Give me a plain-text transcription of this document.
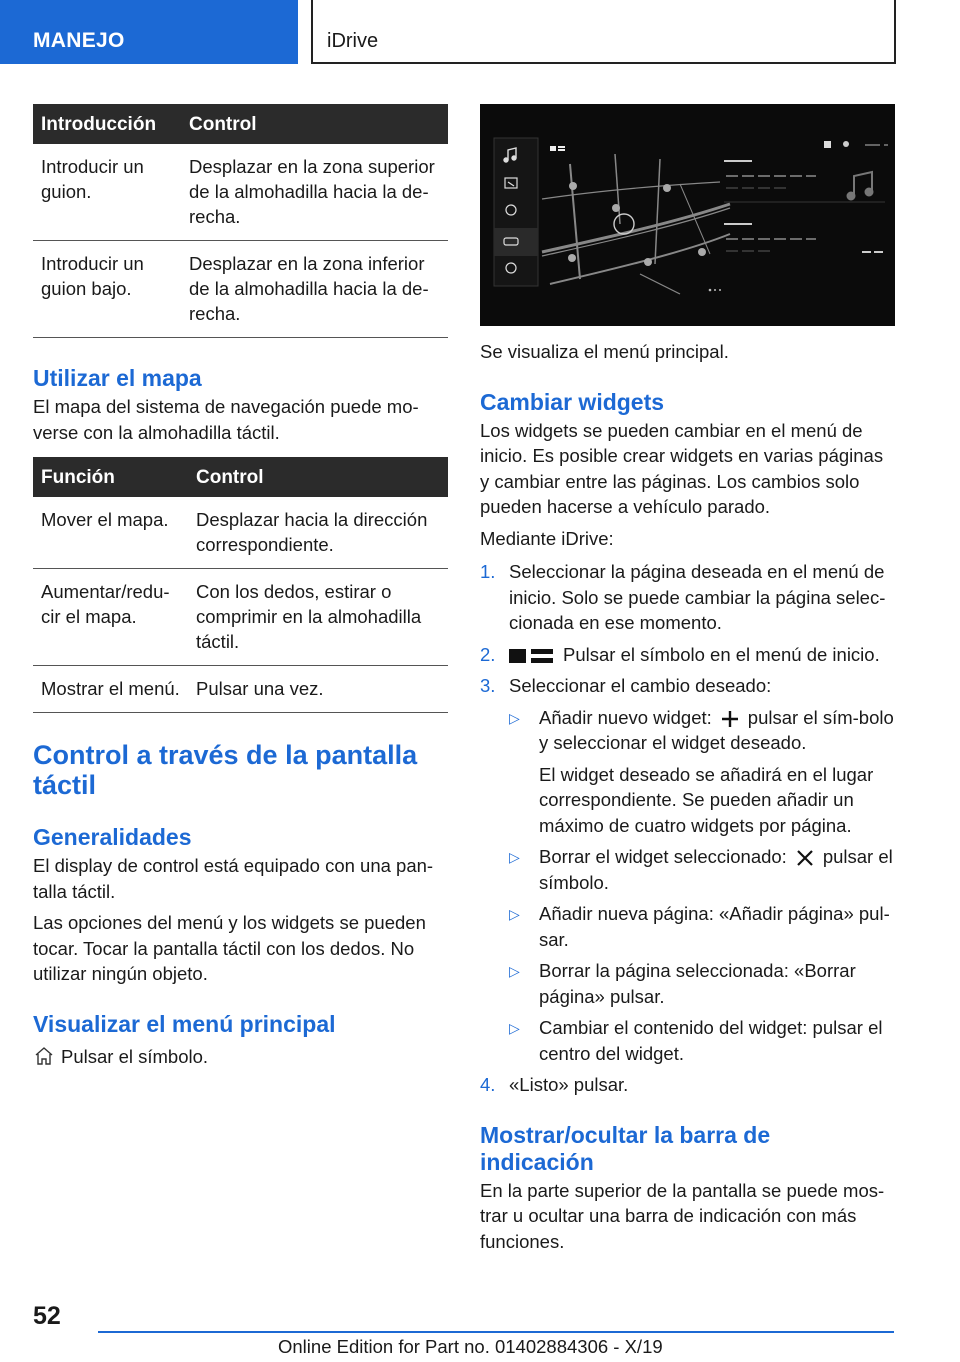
MANEJO	iDrive
Introducción	Control
Introducir un guion.	Desplazar en la zona superior de la almohadilla hacia la de-recha.
Introducir un guion bajo.	Desplazar en la zona inferior de la almohadilla hacia la de-recha.
Utilizar el mapa

El mapa del sistema de navegación puede mo-verse con la almohadilla táctil.

Función	Control
Mover el mapa.	Desplazar hacia la dirección correspondiente.
Aumentar/redu-cir el mapa.	Con los dedos, estirar o comprimir en la almohadilla táctil.
Mostrar el menú.	Pulsar una vez.
Control a través de la pantalla táctil
Generalidades

El display de control está equipado con una pan-talla táctil.

Las opciones del menú y los widgets se pueden tocar. Tocar la pantalla táctil con los dedos. No utilizar ningún objeto.

Visualizar el menú principal
Pulsar el símbolo.

Se visualiza el menú principal.

Cambiar widgets

Los widgets se pueden cambiar en el menú de inicio. Es posible crear widgets en varias páginas y cambiar entre las páginas. Los cambios solo pueden hacerse a vehículo parado.

Mediante iDrive:

1. Seleccionar la página deseada en el menú de inicio. Solo se puede cambiar la página selec-cionada en ese momento.
2.	Pulsar el símbolo en el menú de inicio.
3. Seleccionar el cambio deseado:
▷	Añadir nuevo widget: pulsar el sím-bolo y seleccionar el widget deseado.
El widget deseado se añadirá en el lugar correspondiente. Se pueden añadir un máximo de cuatro widgets por página.
▷	Borrar el widget seleccionado: pulsar el símbolo.
▷	Añadir nueva página: «Añadir página» pul-sar.
▷	Borrar la página seleccionada: «Borrar página» pulsar.
▷	Cambiar el contenido del widget: pulsar el centro del widget.
4. «Listo» pulsar.
Mostrar/ocultar la barra de indicación

En la parte superior de la pantalla se puede mos-trar u ocultar una barra de indicación con más funciones.

52
Online Edition for Part no. 01402884306 - X/19
